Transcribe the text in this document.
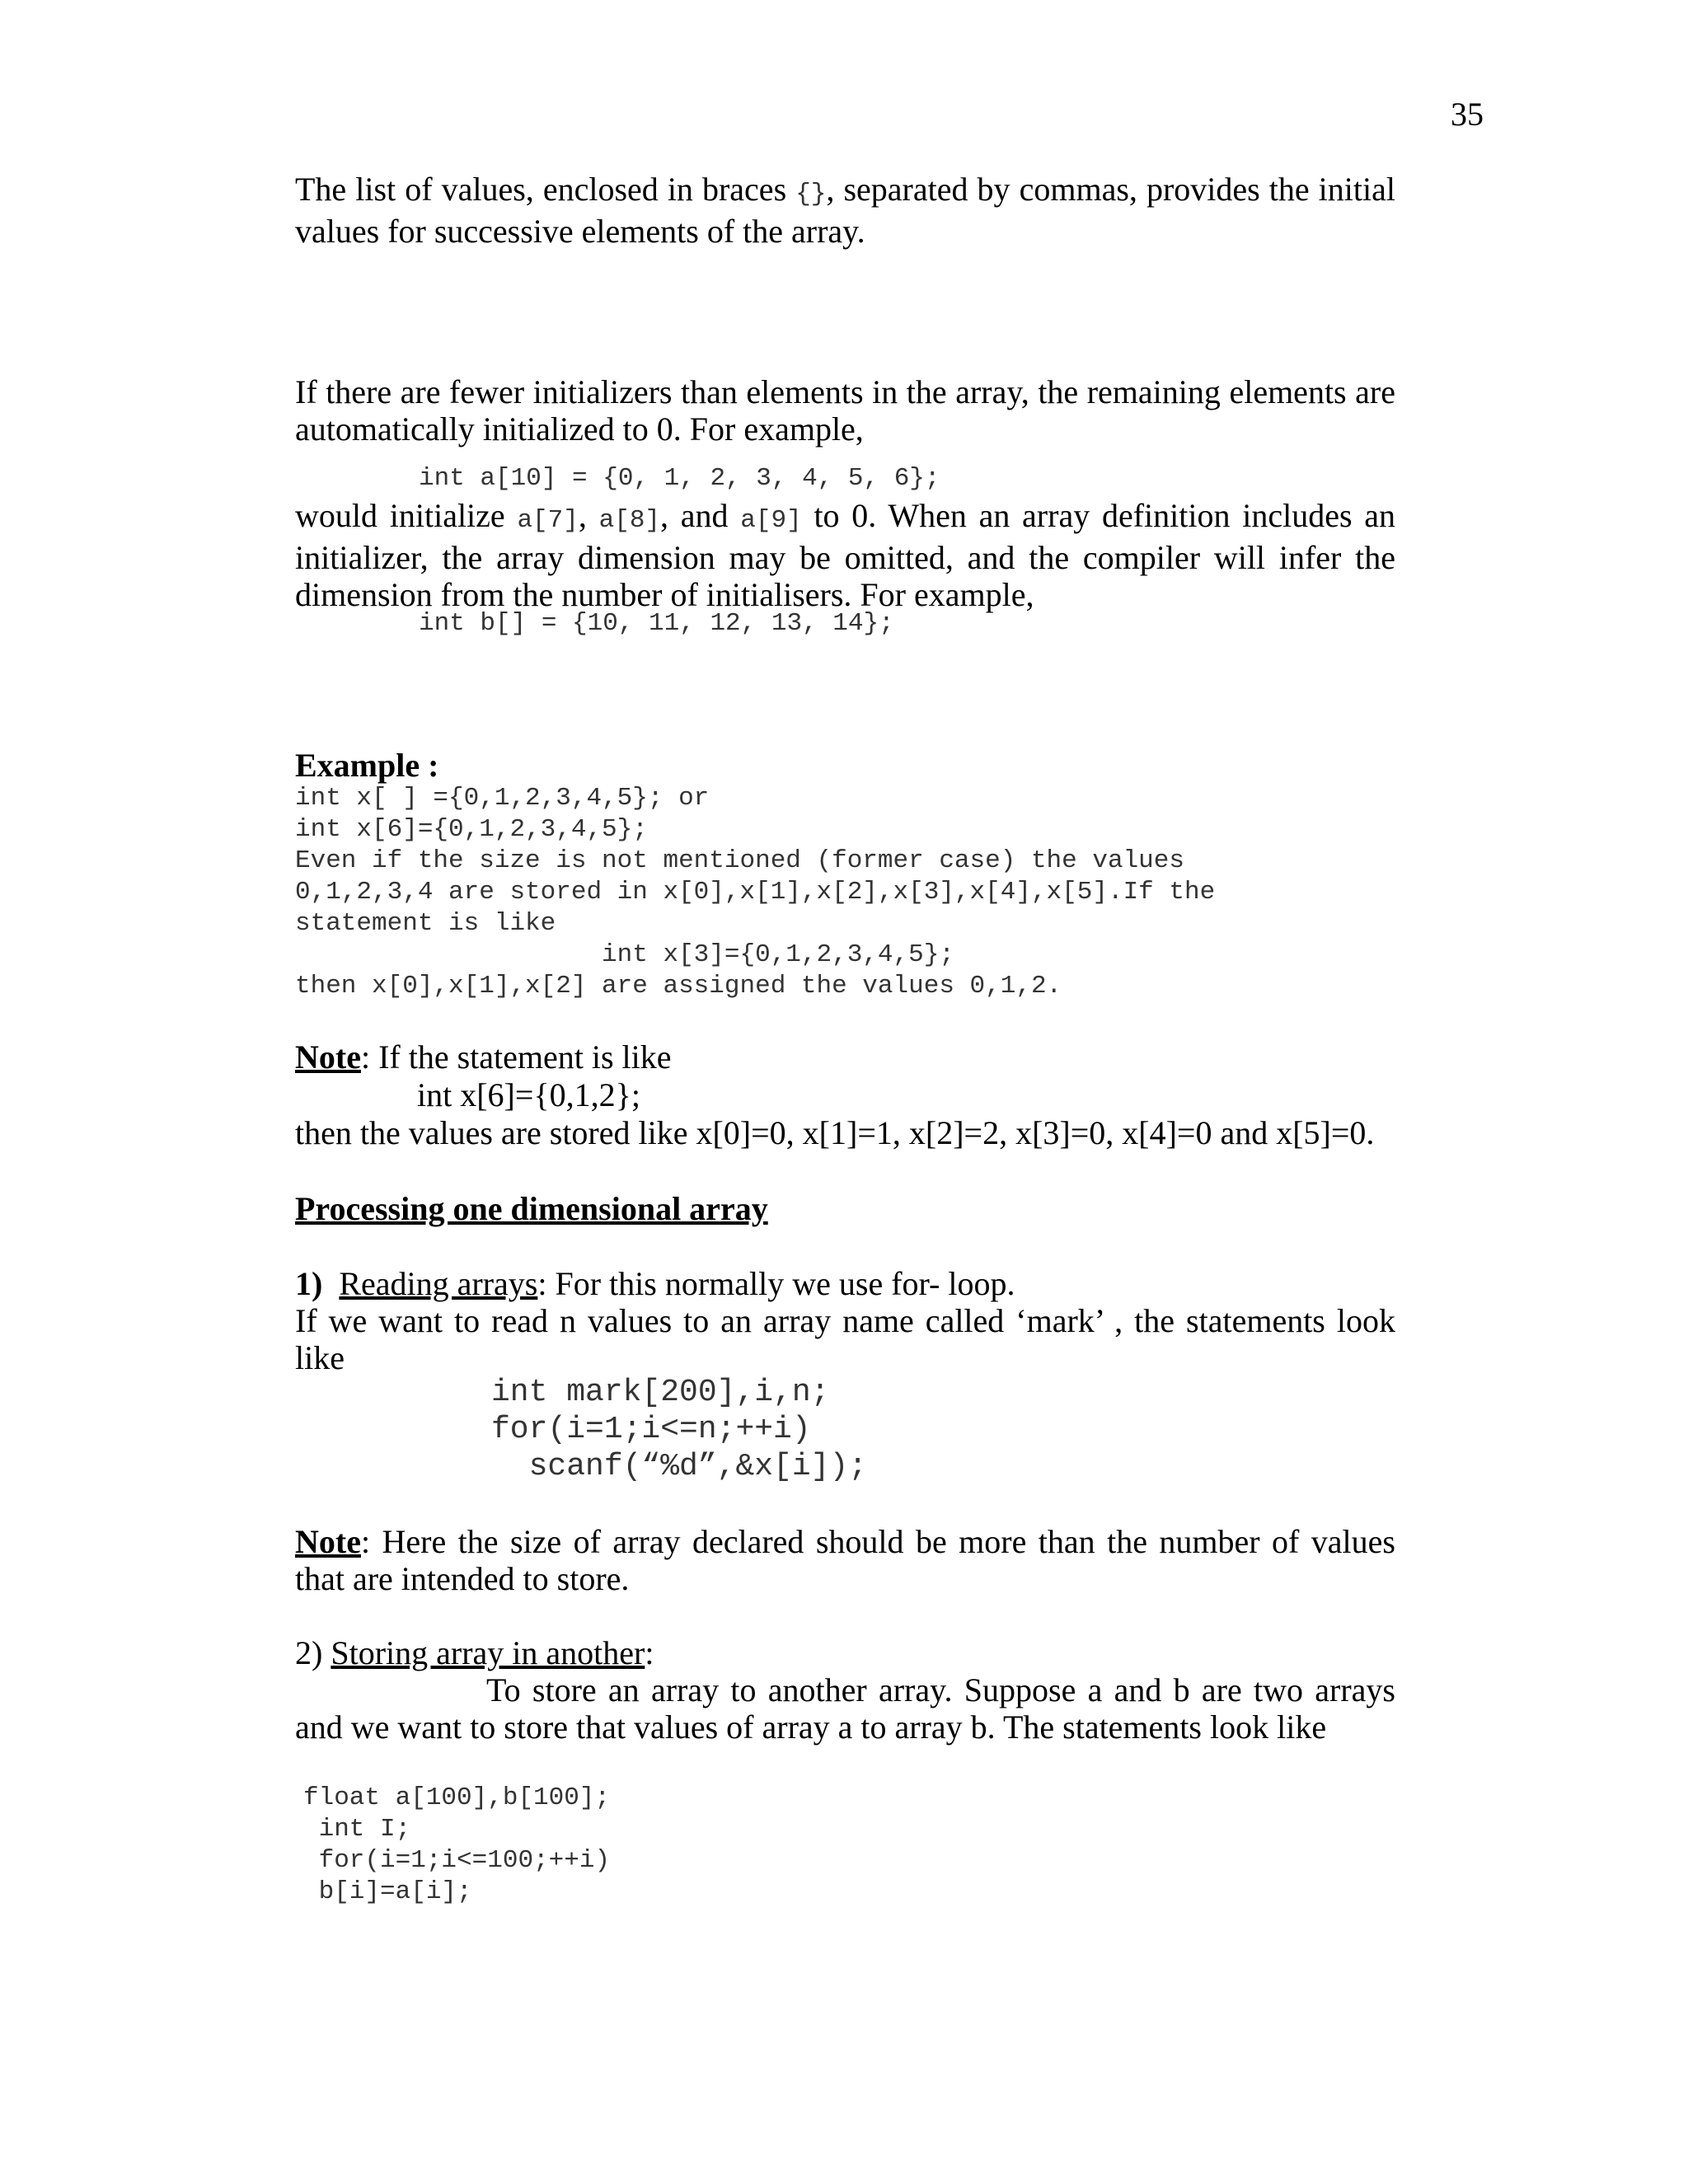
35
The list of values, enclosed in braces {}, separated by commas, provides the initial values for successive elements of the array.
If there are fewer initializers than elements in the array, the remaining elements are automatically initialized to 0. For example,
int a[10] = {0, 1, 2, 3, 4, 5, 6};
would initialize a[7], a[8], and a[9] to 0. When an array definition includes an initializer, the array dimension may be omitted, and the compiler will infer the dimension from the number of initialisers. For example,
int b[] = {10, 11, 12, 13, 14};
Example :
int x[ ] ={0,1,2,3,4,5}; or
int x[6]={0,1,2,3,4,5};
Even if the size is not mentioned (former case) the values
0,1,2,3,4 are stored in x[0],x[1],x[2],x[3],x[4],x[5].If the
statement is like
int x[3]={0,1,2,3,4,5};
then x[0],x[1],x[2] are assigned the values 0,1,2.
Note: If the statement is like
int x[6]={0,1,2};
then the values are stored like x[0]=0, x[1]=1, x[2]=2, x[3]=0, x[4]=0 and x[5]=0.
Processing one dimensional array
1) Reading arrays: For this normally we use for- loop.
If we want to read n values to an array name called ‘mark’ , the statements look like
int mark[200],i,n;
for(i=1;i<=n;++i)
scanf(“%d”,&x[i]);
Note: Here the size of array declared should be more than the number of values that are intended to store.
2) Storing array in another:
To store an array to another array. Suppose a and b are two arrays and we want to store that values of array a to array b. The statements look like
float a[100],b[100];
int I;
for(i=1;i<=100;++i)
b[i]=a[i];
